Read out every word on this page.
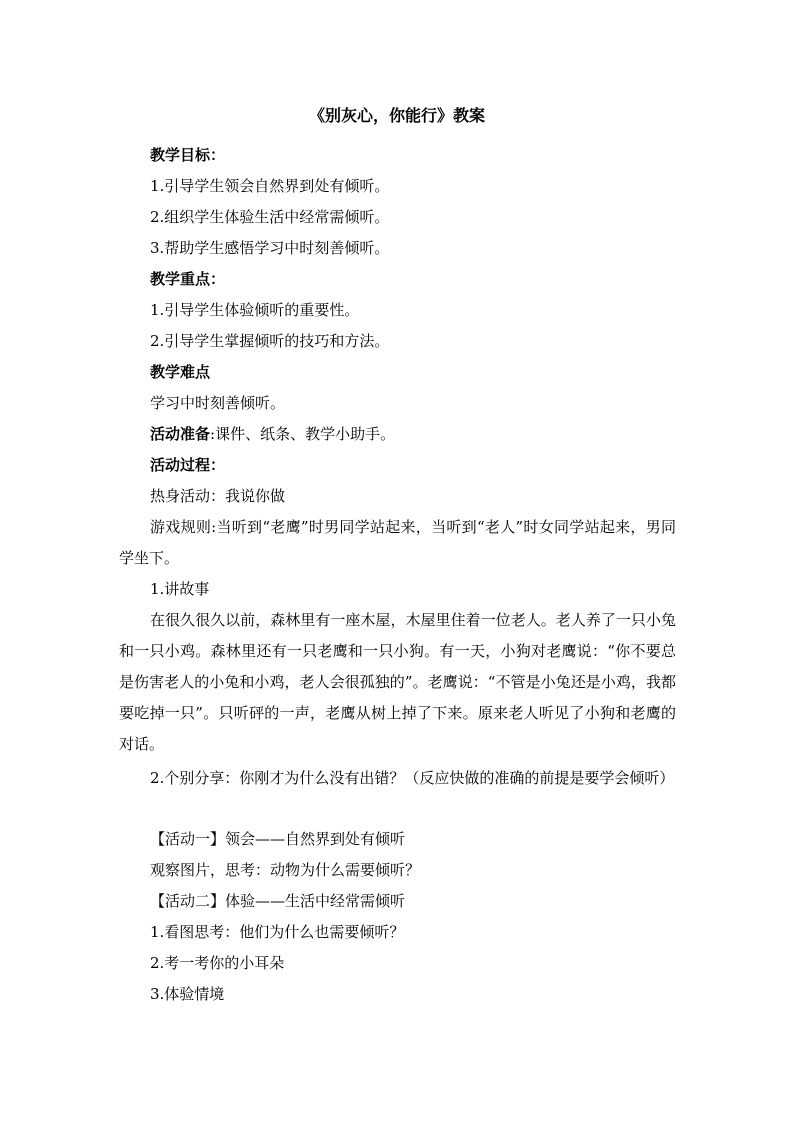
《别灰心，你能行》教案
教学目标：
1.引导学生领会自然界到处有倾听。
2.组织学生体验生活中经常需倾听。
3.帮助学生感悟学习中时刻善倾听。
教学重点：
1.引导学生体验倾听的重要性。
2.引导学生掌握倾听的技巧和方法。
教学难点
学习中时刻善倾听。
活动准备:课件、纸条、教学小助手。
活动过程：
热身活动：我说你做
游戏规则:当听到“老鹰”时男同学站起来，当听到“老人”时女同学站起来，男同学坐下。
1.讲故事
在很久很久以前，森林里有一座木屋，木屋里住着一位老人。老人养了一只小兔和一只小鸡。森林里还有一只老鹰和一只小狗。有一天，小狗对老鹰说：“你不要总是伤害老人的小兔和小鸡，老人会很孤独的”。老鹰说：“不管是小兔还是小鸡，我都要吃掉一只”。只听砰的一声，老鹰从树上掉了下来。原来老人听见了小狗和老鹰的对话。
2.个别分享：你刚才为什么没有出错？（反应快做的准确的前提是要学会倾听）
【活动一】领会——自然界到处有倾听
观察图片，思考：动物为什么需要倾听？
【活动二】体验——生活中经常需倾听
1.看图思考：他们为什么也需要倾听？
2.考一考你的小耳朵
3.体验情境
